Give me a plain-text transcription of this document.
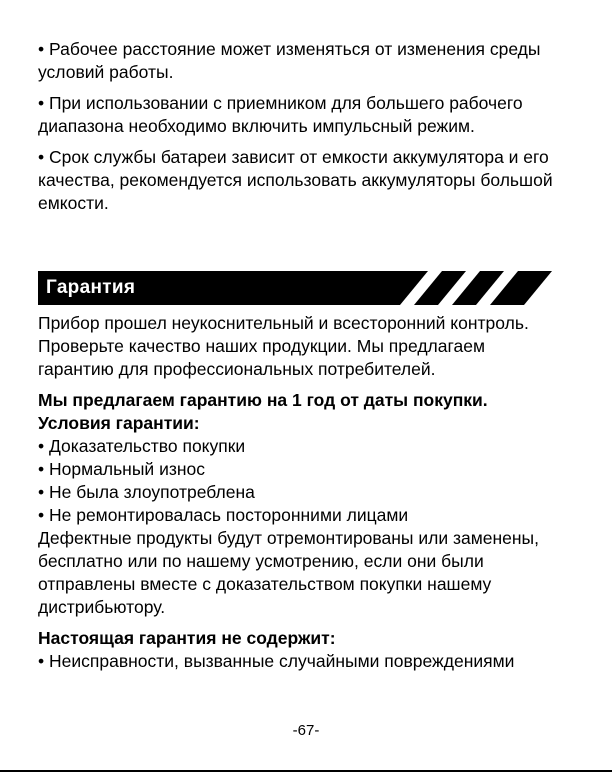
• Рабочее расстояние может изменяться от изменения среды условий работы.

• При использовании с приемником для большего рабочего диапазона необходимо включить импульсный режим.

• Срок службы батареи зависит от емкости аккумулятора и его качества, рекомендуется использовать аккумуляторы большой емкости.

Гарантия

Прибор прошел неукоснительный и всесторонний контроль. Проверьте качество наших продукции. Мы предлагаем гарантию для профессиональных потребителей.

Мы предлагаем гарантию на 1 год от даты покупки.

Условия гарантии:

• Доказательство покупки

• Нормальный износ

• Не была злоупотреблена

• Не ремонтировалась посторонними лицами

Дефектные продукты будут отремонтированы или заменены, бесплатно или по нашему усмотрению, если они были отправлены вместе с доказательством покупки нашему дистрибьютору.

Настоящая гарантия не содержит:

• Неисправности, вызванные случайными повреждениями

-67-
